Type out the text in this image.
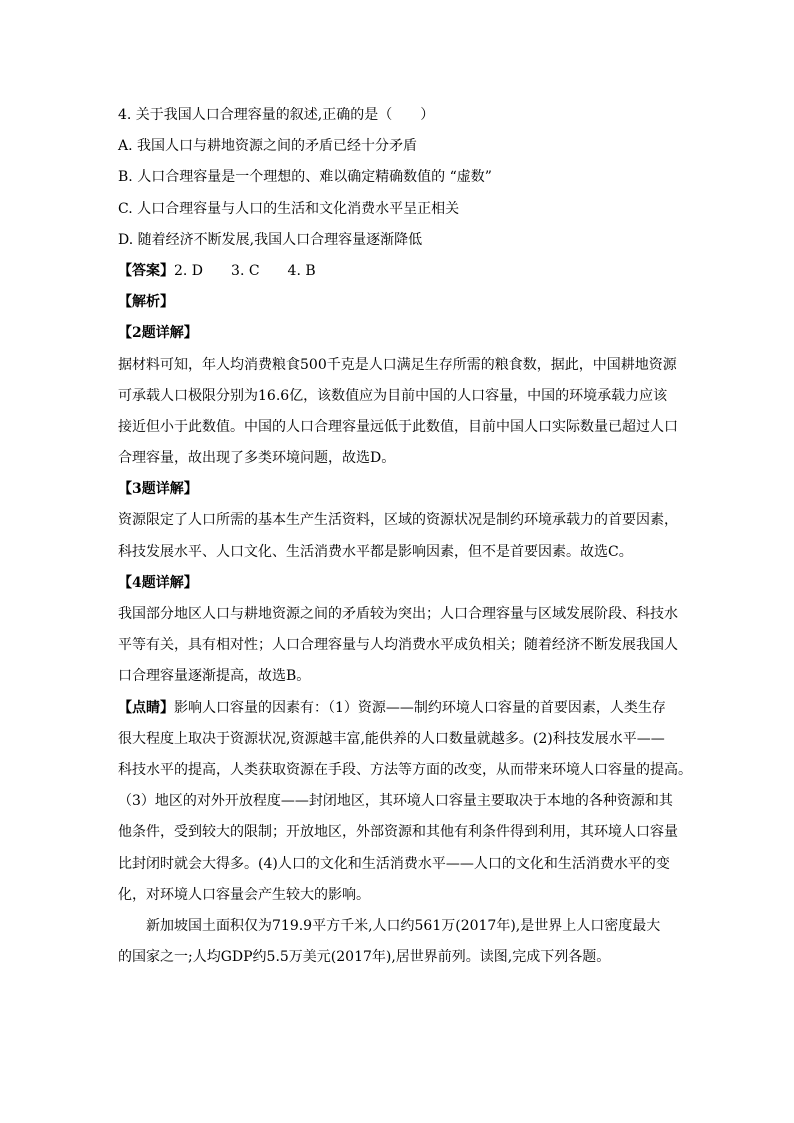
4. 关于我国人口合理容量的叙述,正确的是（　　）
A. 我国人口与耕地资源之间的矛盾已经十分矛盾
B. 人口合理容量是一个理想的、难以确定精确数值的 “虚数”
C. 人口合理容量与人口的生活和文化消费水平呈正相关
D. 随着经济不断发展,我国人口合理容量逐渐降低
【答案】2. D　　3. C　　4. B
【解析】
【2题详解】
据材料可知，年人均消费粮食500千克是人口满足生存所需的粮食数，据此，中国耕地资源
可承载人口极限分别为16.6亿，该数值应为目前中国的人口容量，中国的环境承载力应该
接近但小于此数值。中国的人口合理容量远低于此数值，目前中国人口实际数量已超过人口
合理容量，故出现了多类环境问题，故选D。
【3题详解】
资源限定了人口所需的基本生产生活资料，区域的资源状况是制约环境承载力的首要因素，
科技发展水平、人口文化、生活消费水平都是影响因素，但不是首要因素。故选C。
【4题详解】
我国部分地区人口与耕地资源之间的矛盾较为突出；人口合理容量与区域发展阶段、科技水
平等有关，具有相对性；人口合理容量与人均消费水平成负相关；随着经济不断发展我国人
口合理容量逐渐提高，故选B。
【点睛】影响人口容量的因素有：（1）资源——制约环境人口容量的首要因素，人类生存
很大程度上取决于资源状况,资源越丰富,能供养的人口数量就越多。(2)科技发展水平——
科技水平的提高，人类获取资源在手段、方法等方面的改变，从而带来环境人口容量的提高。
（3）地区的对外开放程度——封闭地区，其环境人口容量主要取决于本地的各种资源和其
他条件，受到较大的限制；开放地区，外部资源和其他有利条件得到利用，其环境人口容量
比封闭时就会大得多。(4)人口的文化和生活消费水平——人口的文化和生活消费水平的变
化，对环境人口容量会产生较大的影响。
新加坡国土面积仅为719.9平方千米,人口约561万(2017年),是世界上人口密度最大
的国家之一;人均GDP约5.5万美元(2017年),居世界前列。读图,完成下列各题。
